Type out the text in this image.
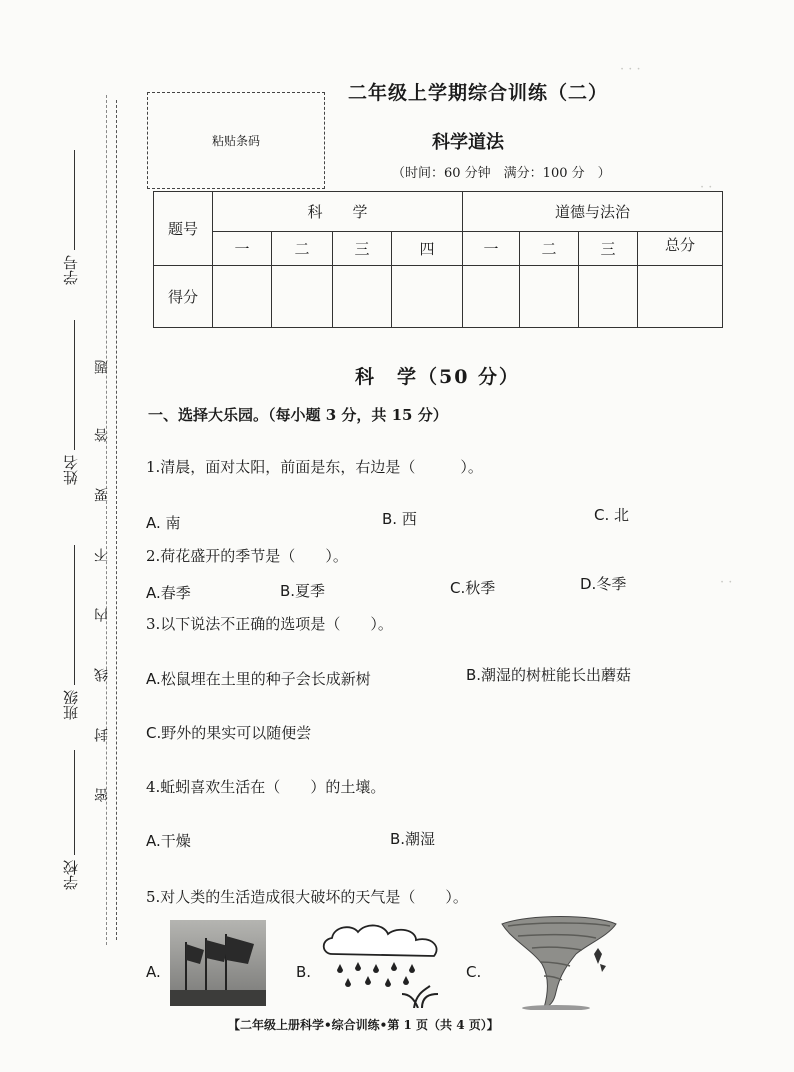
学号
姓名
班级
学校
题
答
要
不
内
线
封
密
· · ·
· ·
· ·
粘贴条码
二年级上学期综合训练（二）
科学道法
（时间：60 分钟　满分：100 分　）
题号	科　　学				道德与法治			
	一	二	三	四	一	二	三	总分
得分								
科　学（50 分）
一、选择大乐园。（每小题 3 分，共 15 分）
1.清晨，面对太阳，前面是东，右边是（　　　）。
A. 南	B. 西	C. 北
2.荷花盛开的季节是（　　）。
A.春季	B.夏季	C.秋季	D.冬季
3.以下说法不正确的选项是（　　）。
A.松鼠埋在土里的种子会长成新树	B.潮湿的树桩能长出蘑菇
C.野外的果实可以随便尝
4.蚯蚓喜欢生活在（　　）的土壤。
A.干燥	B.潮湿
5.对人类的生活造成很大破坏的天气是（　　）。
A.	B.	C.
【二年级上册科学•综合训练•第 1 页（共 4 页）】
